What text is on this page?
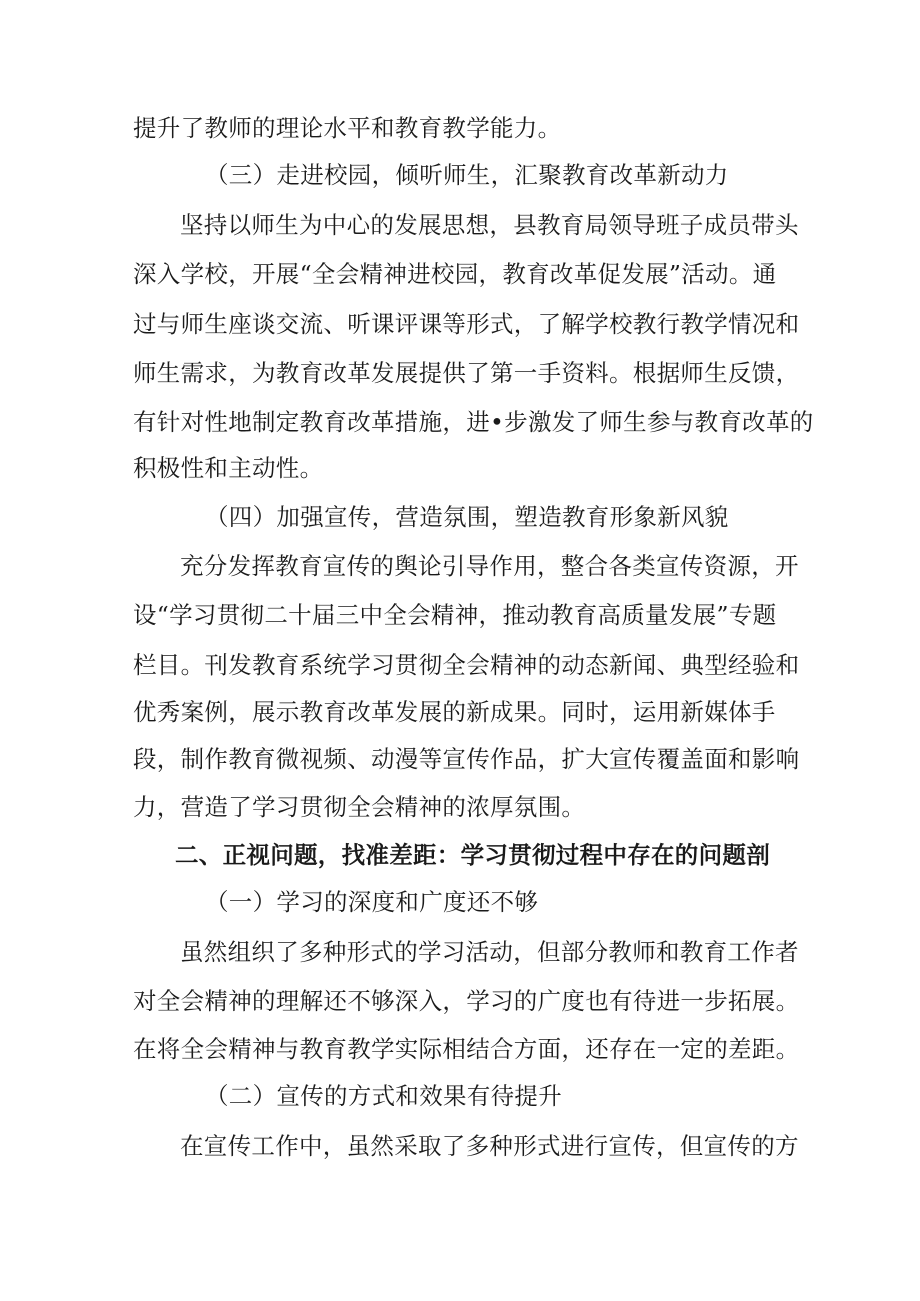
提升了教师的理论水平和教育教学能力。
（三）走进校园，倾听师生，汇聚教育改革新动力
坚持以师生为中心的发展思想，县教育局领导班子成员带头
深入学校，开展“全会精神进校园，教育改革促发展”活动。通
过与师生座谈交流、听课评课等形式，了解学校教行教学情况和
师生需求，为教育改革发展提供了第一手资料。根据师生反馈，
有针对性地制定教育改革措施，进•步激发了师生参与教育改革的
积极性和主动性。
（四）加强宣传，营造氛围，塑造教育形象新风貌
充分发挥教育宣传的舆论引导作用，整合各类宣传资源，开
设“学习贯彻二十届三中全会精神，推动教育高质量发展”专题
栏目。刊发教育系统学习贯彻全会精神的动态新闻、典型经验和
优秀案例，展示教育改革发展的新成果。同时，运用新媒体手
段，制作教育微视频、动漫等宣传作品，扩大宣传覆盖面和影响
力，营造了学习贯彻全会精神的浓厚氛围。
二、正视问题，找准差距：学习贯彻过程中存在的问题剖
（一）学习的深度和广度还不够
虽然组织了多种形式的学习活动，但部分教师和教育工作者
对全会精神的理解还不够深入，学习的广度也有待进一步拓展。
在将全会精神与教育教学实际相结合方面，还存在一定的差距。
（二）宣传的方式和效果有待提升
在宣传工作中，虽然采取了多种形式进行宣传，但宣传的方
